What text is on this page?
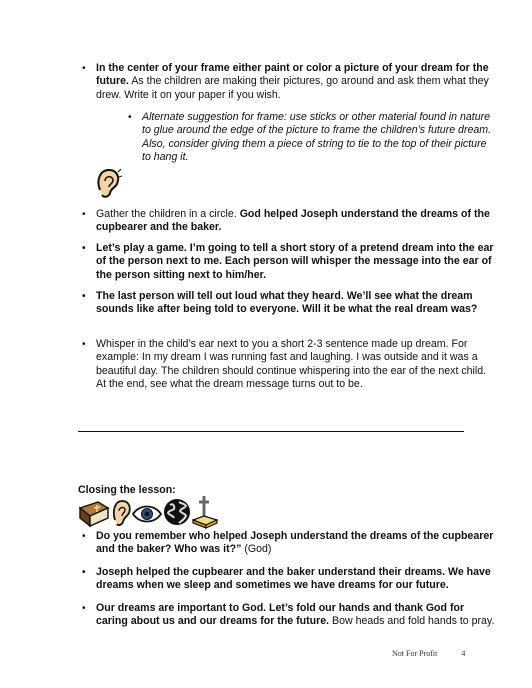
• In the center of your frame either paint or color a picture of your dream for the future. As the children are making their pictures, go around and ask them what they drew. Write it on your paper if you wish.
• Alternate suggestion for frame: use sticks or other material found in nature to glue around the edge of the picture to frame the children’s future dream. Also, consider giving them a piece of string to tie to the top of their picture to hang it.
• Gather the children in a circle. God helped Joseph understand the dreams of the cupbearer and the baker.
• Let’s play a game. I’m going to tell a short story of a pretend dream into the ear of the person next to me. Each person will whisper the message into the ear of the person sitting next to him/her.
• The last person will tell out loud what they heard. We’ll see what the dream sounds like after being told to everyone. Will it be what the real dream was?
• Whisper in the child’s ear next to you a short 2-3 sentence made up dream. For example: In my dream I was running fast and laughing. I was outside and it was a beautiful day. The children should continue whispering into the ear of the next child. At the end, see what the dream message turns out to be.
Closing the lesson:
• Do you remember who helped Joseph understand the dreams of the cupbearer and the baker? Who was it?” (God)
• Joseph helped the cupbearer and the baker understand their dreams. We have dreams when we sleep and sometimes we have dreams for our future.
• Our dreams are important to God. Let’s fold our hands and thank God for caring about us and our dreams for the future. Bow heads and fold hands to pray.
Not For Profit	4
